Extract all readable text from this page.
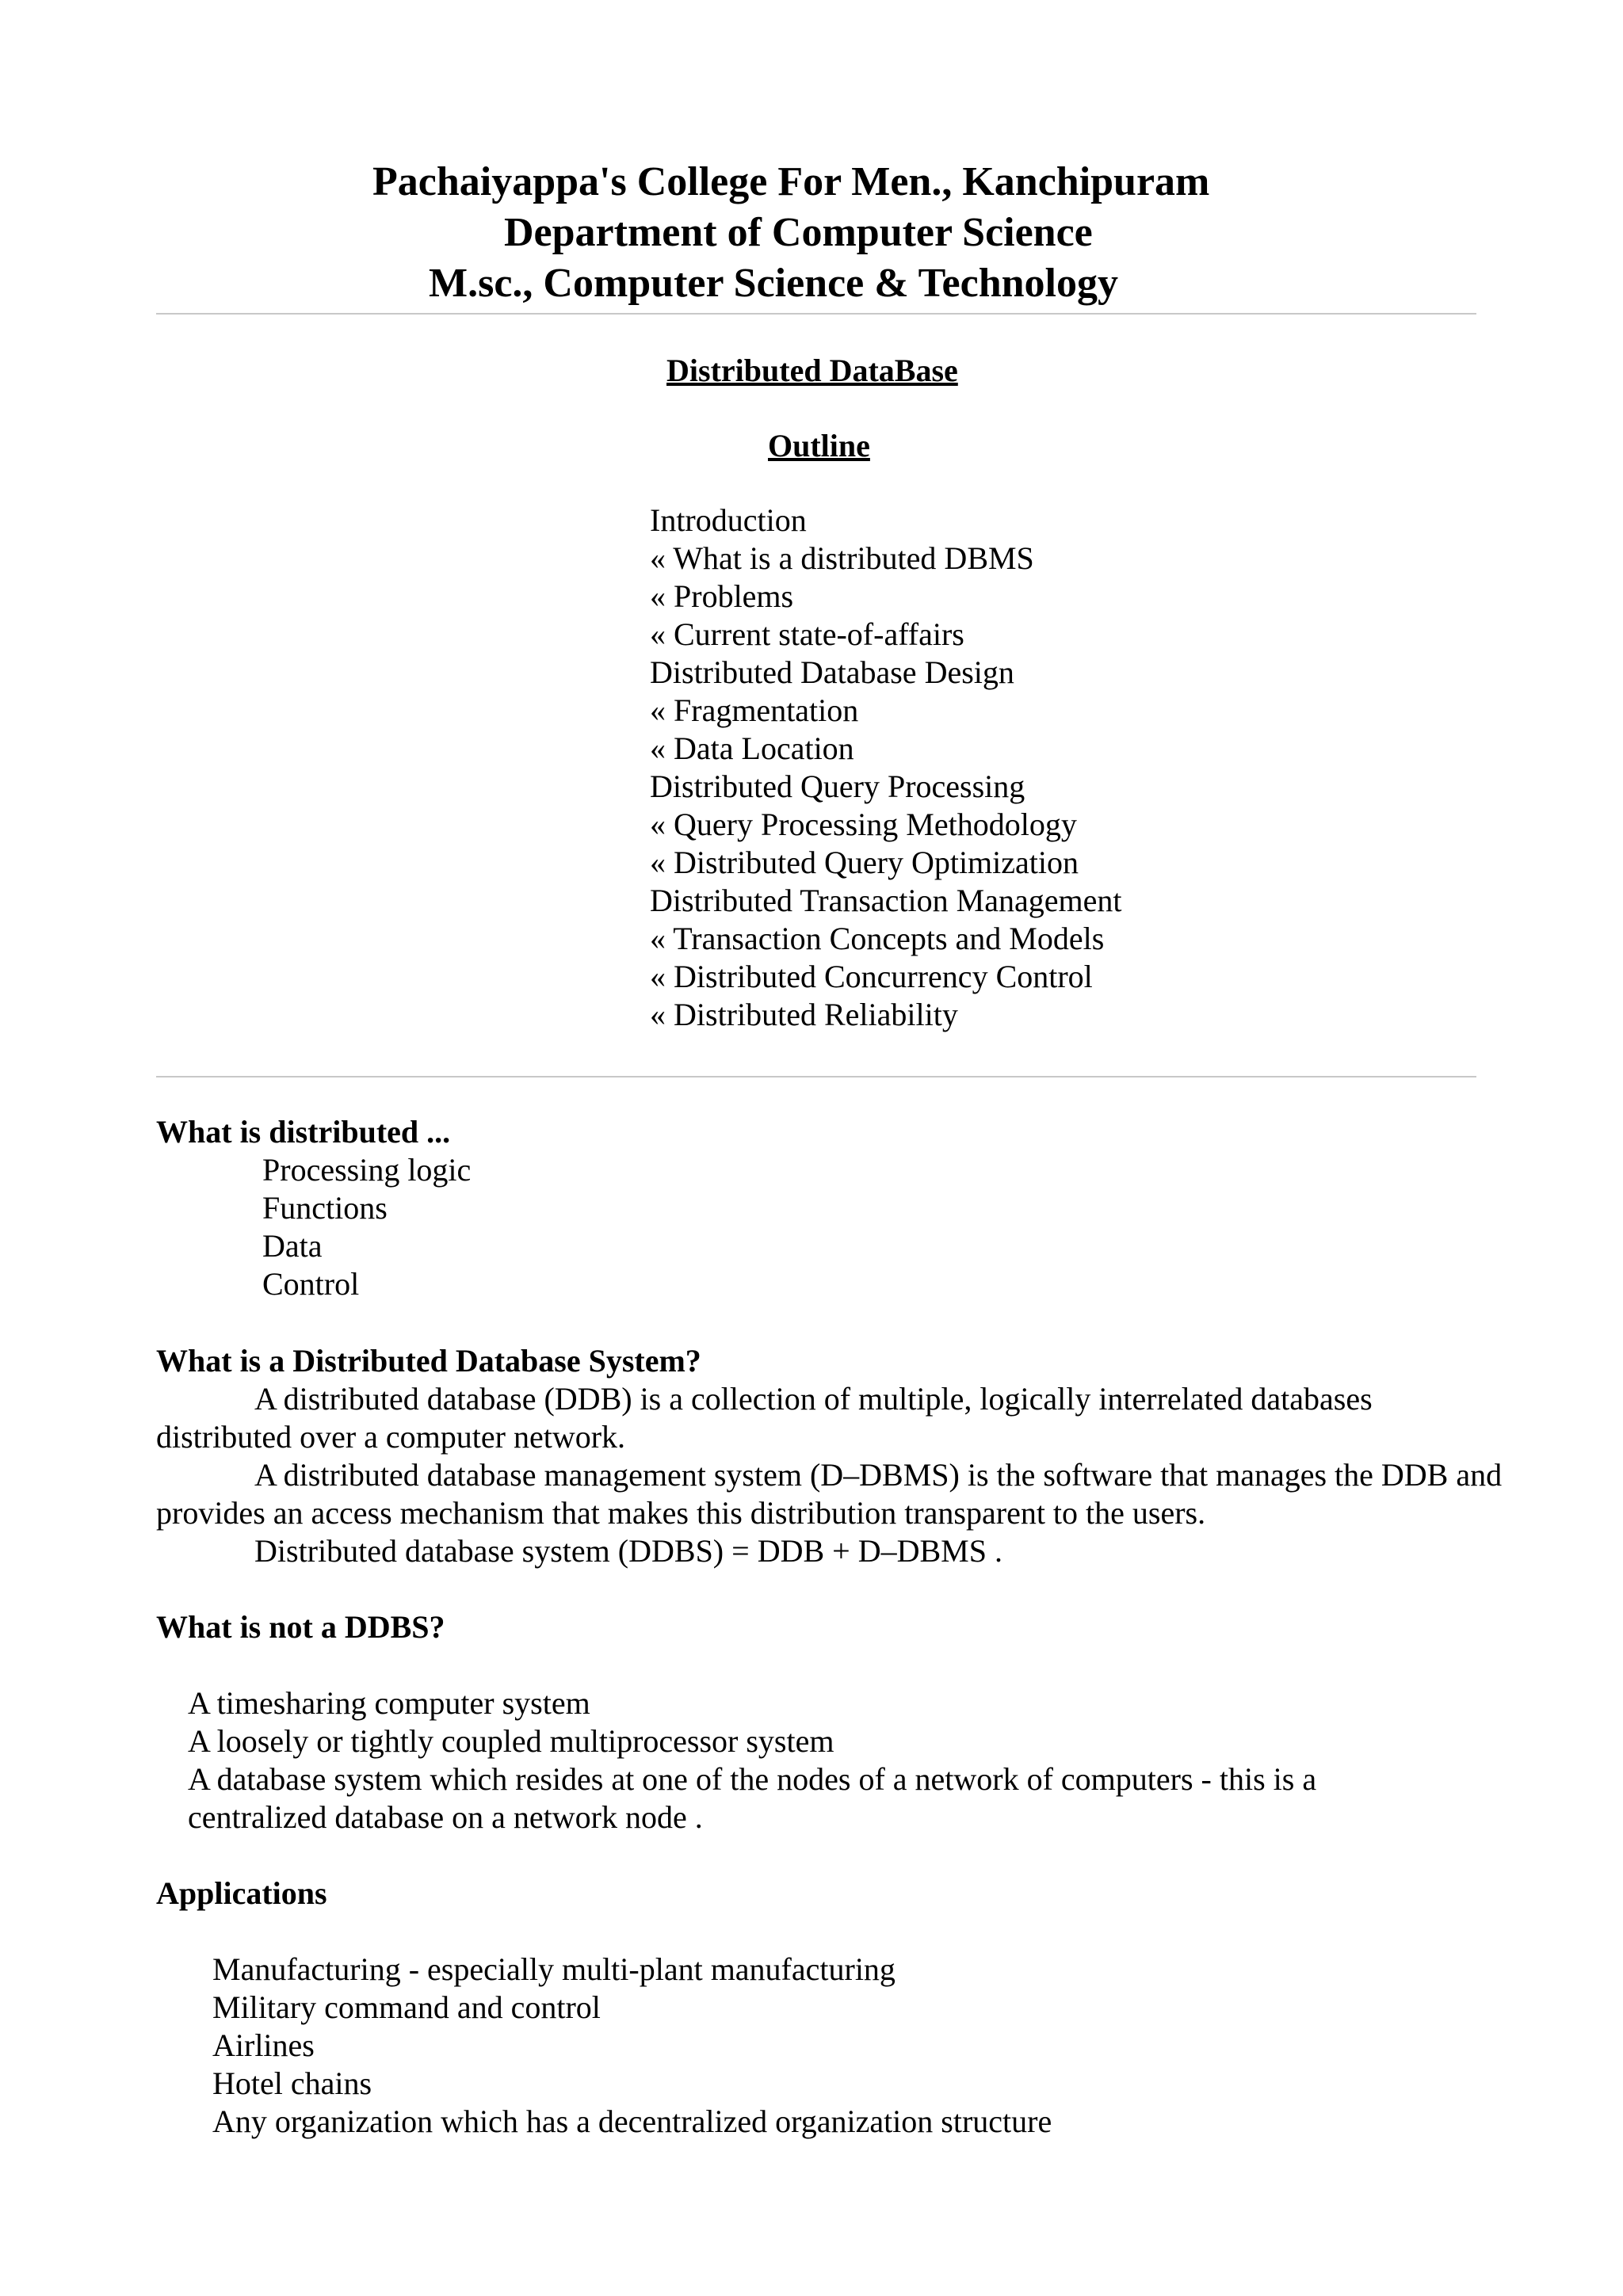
Pachaiyappa's College For Men., Kanchipuram
Department of Computer Science
M.sc., Computer Science & Technology
Distributed DataBase
Outline
Introduction
« What is a distributed DBMS
« Problems
« Current state-of-affairs
Distributed Database Design
« Fragmentation
« Data Location
Distributed Query Processing
« Query Processing Methodology
« Distributed Query Optimization
Distributed Transaction Management
« Transaction Concepts and Models
« Distributed Concurrency Control
« Distributed Reliability
What is distributed ...
Processing logic
Functions
Data
Control
What is a Distributed Database System?

A distributed database (DDB) is a collection of multiple, logically interrelated databases distributed over a computer network.

A distributed database management system (D–DBMS) is the software that manages the DDB and provides an access mechanism that makes this distribution transparent to the users.

Distributed database system (DDBS) = DDB + D–DBMS .

What is not a DDBS?
A timesharing computer system
A loosely or tightly coupled multiprocessor system
A database system which resides at one of the nodes of a network of computers - this is a
centralized database on a network node .
Applications
Manufacturing - especially multi-plant manufacturing
Military command and control
Airlines
Hotel chains
Any organization which has a decentralized organization structure
